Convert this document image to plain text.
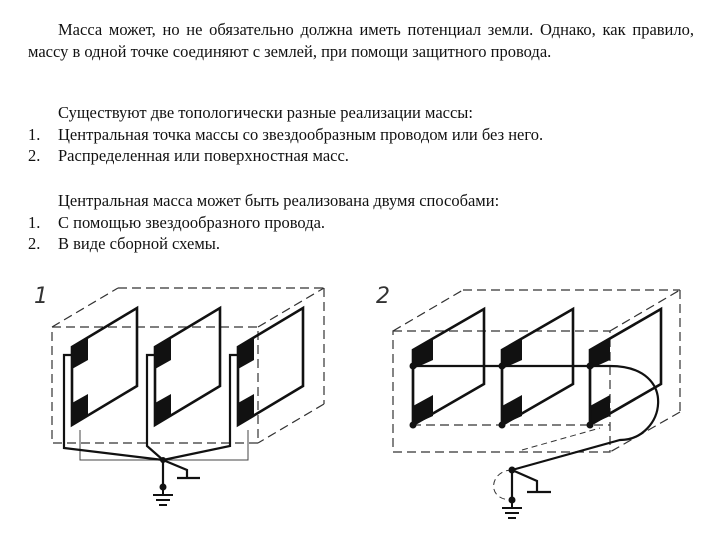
Масса может, но не обязательно должна иметь потенциал земли. Однако, как правило, массу в одной точке соединяют с землей, при помощи защитного провода.

Существуют две топологически разные реализации массы:

1.	Центральная точка массы со звездообразным проводом или без него.
2.	Распределенная или поверхностная масс.

Центральная масса может быть реализована двумя способами:

1.	С помощью звездообразного провода.
2.	В виде сборной схемы.
1	2
